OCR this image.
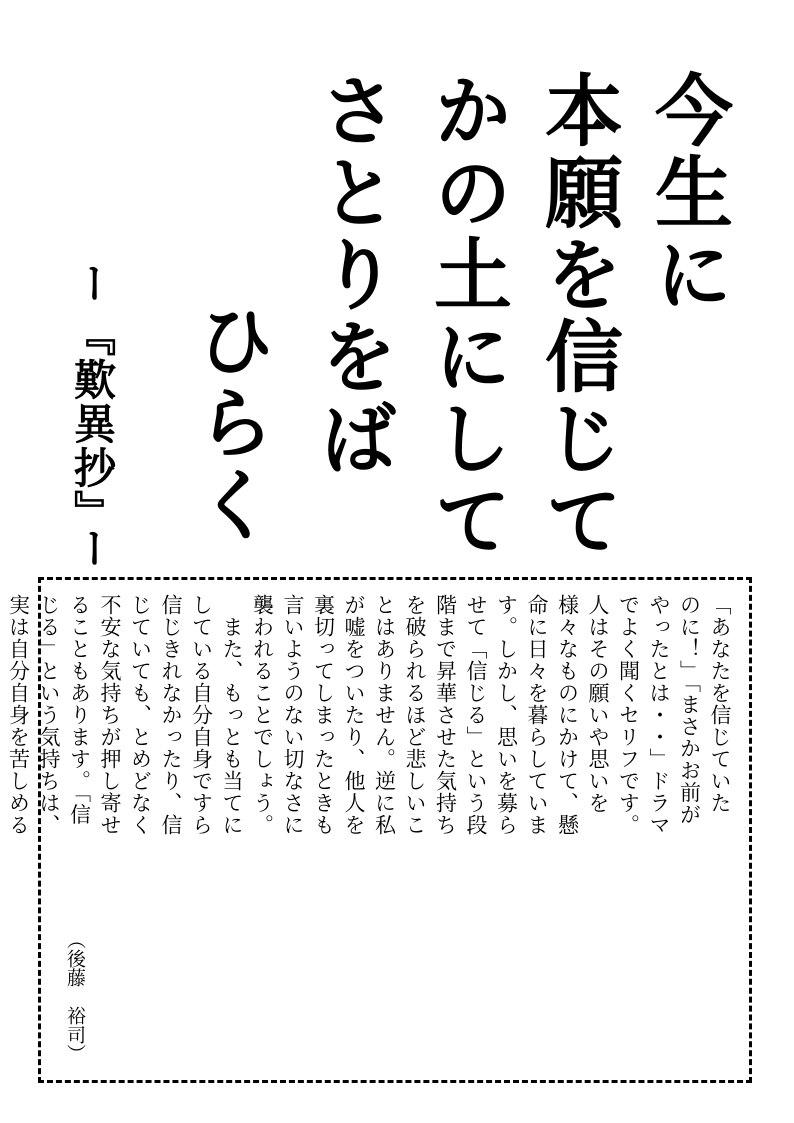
今生に
本願を信じて
かの土にして
さとりをば
ひらく
ー
『歎異抄』
ー

「あなたを信じていた

のに！」「まさかお前が

やったとは・・」ドラマ

でよく聞くセリフです。

人はその願いや思いを

様々なものにかけて、懸

命に日々を暮らしていま

す。しかし、思いを募ら

せて「信じる」という段

階まで昇華させた気持ち

を破られるほど悲しいこ

とはありません。逆に私

が嘘をついたり、他人を

裏切ってしまったときも

言いようのない切なさに

襲われることでしょう。

　また、もっとも当てに

している自分自身ですら

信じきれなかったり、信

じていても、とめどなく

不安な気持ちが押し寄せ

ることもあります。「信

じる」という気持ちは、

実は自分自身を苦しめる

（後藤　裕司）
